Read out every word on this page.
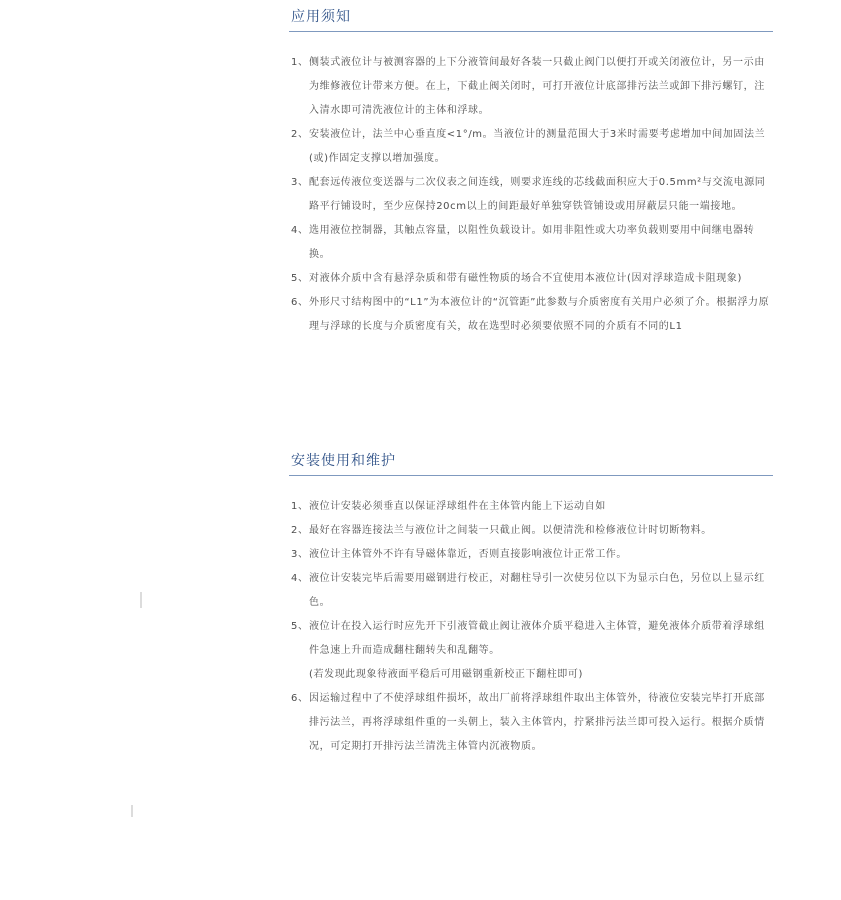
应用须知
1、 侧装式液位计与被测容器的上下分液管间最好各装一只截止阀门以便打开或关闭液位计，另一示由为维修液位计带来方便。在上，下截止阀关闭时，可打开液位计底部排污法兰或卸下排污螺钉，注入清水即可清洗液位计的主体和浮球。
2、 安装液位计，法兰中心垂直度<1°/m。当液位计的测量范围大于3米时需要考虑增加中间加固法兰(或)作固定支撑以增加强度。
3、 配套远传液位变送器与二次仪表之间连线，则要求连线的芯线截面积应大于0.5mm²与交流电源同路平行铺设时，至少应保持20cm以上的间距最好单独穿铁管铺设或用屏蔽层只能一端接地。
4、 选用液位控制器，其触点容量，以阻性负载设计。如用非阻性或大功率负载则要用中间继电器转换。
5、 对液体介质中含有悬浮杂质和带有磁性物质的场合不宜使用本液位计(因对浮球造成卡阻现象)
6、 外形尺寸结构图中的“L1”为本液位计的“沉管距”此参数与介质密度有关用户必须了介。根据浮力原理与浮球的长度与介质密度有关，故在选型时必须要依照不同的介质有不同的L1
安装使用和维护
1、 液位计安装必须垂直以保证浮球组件在主体管内能上下运动自如
2、 最好在容器连接法兰与液位计之间装一只截止阀。以便清洗和检修液位计时切断物料。
3、 液位计主体管外不许有导磁体靠近，否则直接影响液位计正常工作。
4、 液位计安装完毕后需要用磁钢进行校正，对翻柱导引一次使另位以下为显示白色，另位以上显示红色。
5、 液位计在投入运行时应先开下引液管截止阀让液体介质平稳进入主体管，避免液体介质带着浮球组件急速上升而造成翻柱翻转失和乱翻等。
(若发现此现象待液面平稳后可用磁钢重新校正下翻柱即可)
6、 因运输过程中了不使浮球组件损坏，故出厂前将浮球组件取出主体管外，待液位安装完毕打开底部排污法兰，再将浮球组件重的一头朝上，装入主体管内，拧紧排污法兰即可投入运行。根据介质情况，可定期打开排污法兰清洗主体管内沉液物质。
